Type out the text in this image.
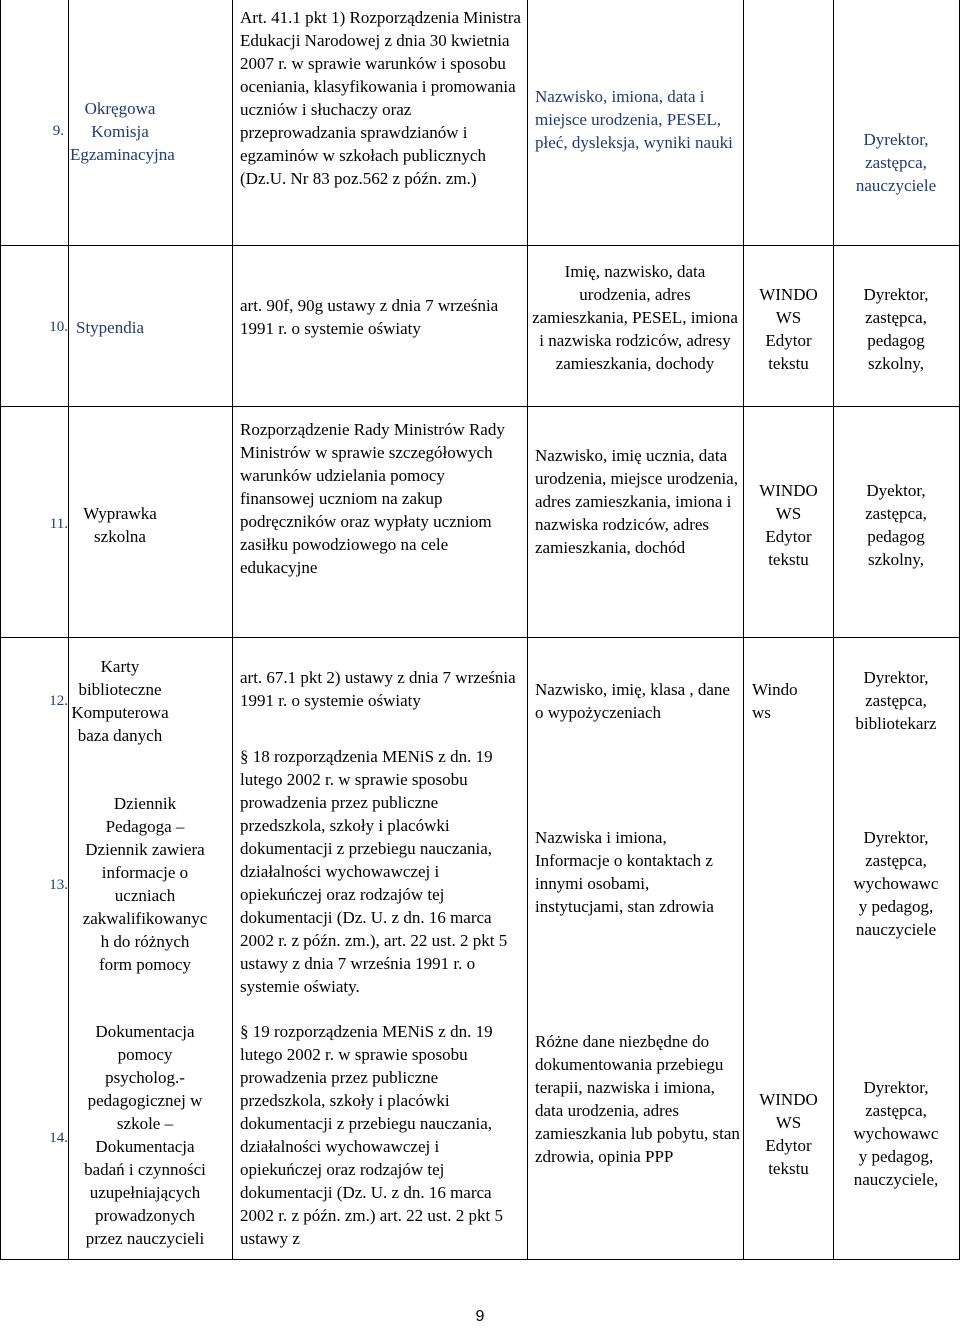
9.
Okręgowa
Komisja
Egzaminacyjna
Art. 41.1 pkt 1) Rozporządzenia Ministra Edukacji Narodowej z dnia 30 kwietnia 2007 r. w sprawie warunków i sposobu oceniania, klasyfikowania i promowania uczniów i słuchaczy oraz przeprowadzania sprawdzianów i egzaminów w szkołach publicznych (Dz.U. Nr 83 poz.562 z późn. zm.)
Nazwisko, imiona, data i miejsce urodzenia, PESEL, płeć, dysleksja, wyniki nauki	Dyrektor,
zastępca,
nauczyciele
10. Stypendia
art. 90f, 90g ustawy z dnia 7 września 1991 r. o systemie oświaty
Imię, nazwisko, data urodzenia, adres zamieszkania, PESEL, imiona i nazwiska rodziców, adresy zamieszkania, dochody
WINDO
WS
Edytor
tekstu
Dyrektor,
zastępca,
pedagog
szkolny,
11.
Wyprawka
szkolna
Rozporządzenie Rady Ministrów Rady Ministrów w sprawie szczegółowych warunków udzielania pomocy finansowej uczniom na zakup podręczników oraz wypłaty uczniom zasiłku powodziowego na cele edukacyjne
Nazwisko, imię ucznia, data urodzenia, miejsce urodzenia, adres zamieszkania, imiona i nazwiska rodziców, adres zamieszkania, dochód
WINDO
WS
Edytor
tekstu
Dyektor,
zastępca,
pedagog
szkolny,
12.
Karty
biblioteczne
Komputerowa
baza danych
art. 67.1 pkt 2) ustawy z dnia 7 września 1991 r. o systemie oświaty
Nazwisko, imię, klasa , dane o wypożyczeniach
Windo
ws
Dyrektor,
zastępca,
bibliotekarz
13.
Dziennik
Pedagoga –
Dziennik zawiera
informacje o
uczniach
zakwalifikowanyc
h do różnych
form pomocy
§ 18 rozporządzenia MENiS z dn. 19 lutego 2002 r. w sprawie sposobu prowadzenia przez publiczne przedszkola, szkoły i placówki dokumentacji z przebiegu nauczania, działalności wychowawczej i opiekuńczej oraz rodzajów tej dokumentacji (Dz. U. z dn. 16 marca 2002 r. z późn. zm.), art. 22 ust. 2 pkt 5 ustawy z dnia 7 września 1991 r. o systemie oświaty.
Nazwiska i imiona, Informacje o kontaktach z innymi osobami, instytucjami, stan zdrowia
Dyrektor,
zastępca,
wychowawc
y pedagog,
nauczyciele
14.
Dokumentacja
pomocy
psycholog.-
pedagogicznej w
szkole –
Dokumentacja
badań i czynności
uzupełniających
prowadzonych
przez nauczycieli
§ 19 rozporządzenia MENiS z dn. 19 lutego 2002 r. w sprawie sposobu prowadzenia przez publiczne przedszkola, szkoły i placówki dokumentacji z przebiegu nauczania, działalności wychowawczej i opiekuńczej oraz rodzajów tej dokumentacji (Dz. U. z dn. 16 marca 2002 r. z późn. zm.) art. 22 ust. 2 pkt 5 ustawy z
Różne dane niezbędne do dokumentowania przebiegu terapii, nazwiska i imiona, data urodzenia, adres zamieszkania lub pobytu, stan zdrowia, opinia PPP
WINDO
WS
Edytor
tekstu
Dyrektor,
zastępca,
wychowawc
y pedagog,
nauczyciele,
9
